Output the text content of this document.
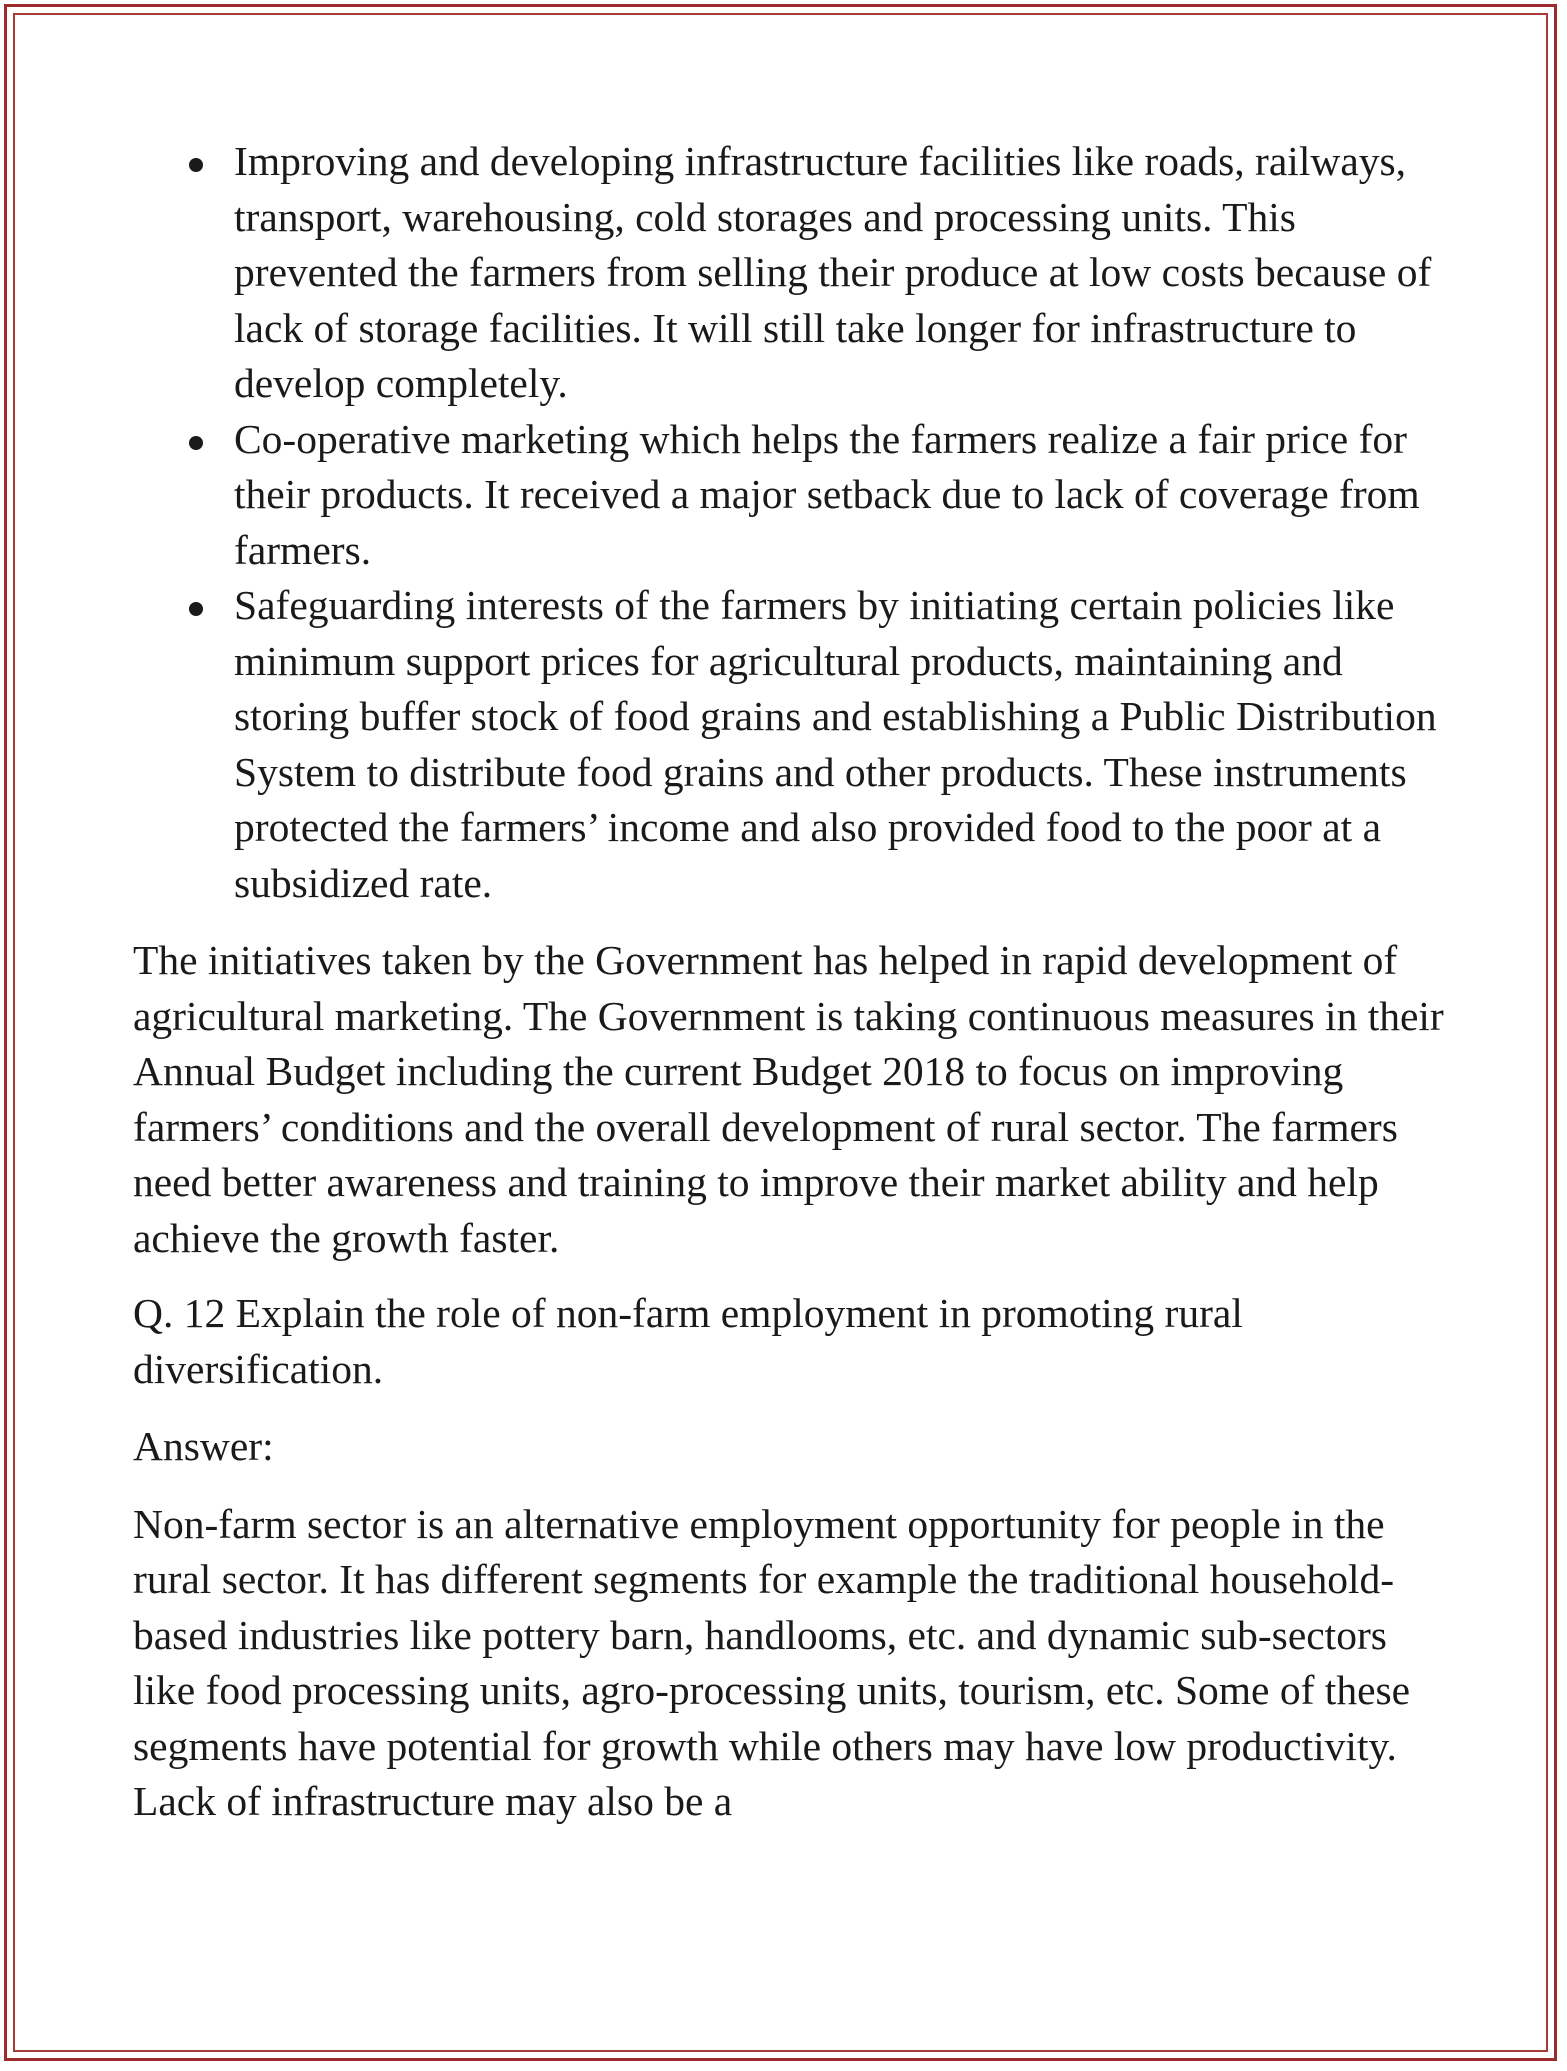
Improving and developing infrastructure facilities like roads, railways, transport, warehousing, cold storages and processing units. This prevented the farmers from selling their produce at low costs because of lack of storage facilities. It will still take longer for infrastructure to develop completely.
Co-operative marketing which helps the farmers realize a fair price for their products. It received a major setback due to lack of coverage from farmers.
Safeguarding interests of the farmers by initiating certain policies like minimum support prices for agricultural products, maintaining and storing buffer stock of food grains and establishing a Public Distribution System to distribute food grains and other products. These instruments protected the farmers’ income and also provided food to the poor at a subsidized rate.

The initiatives taken by the Government has helped in rapid development of agricultural marketing. The Government is taking continuous measures in their Annual Budget including the current Budget 2018 to focus on improving farmers’ conditions and the overall development of rural sector. The farmers need better awareness and training to improve their market ability and help achieve the growth faster.

Q. 12 Explain the role of non-farm employment in promoting rural diversification.

Answer:

Non-farm sector is an alternative employment opportunity for people in the rural sector. It has different segments for example the traditional household-based industries like pottery barn, handlooms, etc. and dynamic sub-sectors like food processing units, agro-processing units, tourism, etc. Some of these segments have potential for growth while others may have low productivity. Lack of infrastructure may also be a
